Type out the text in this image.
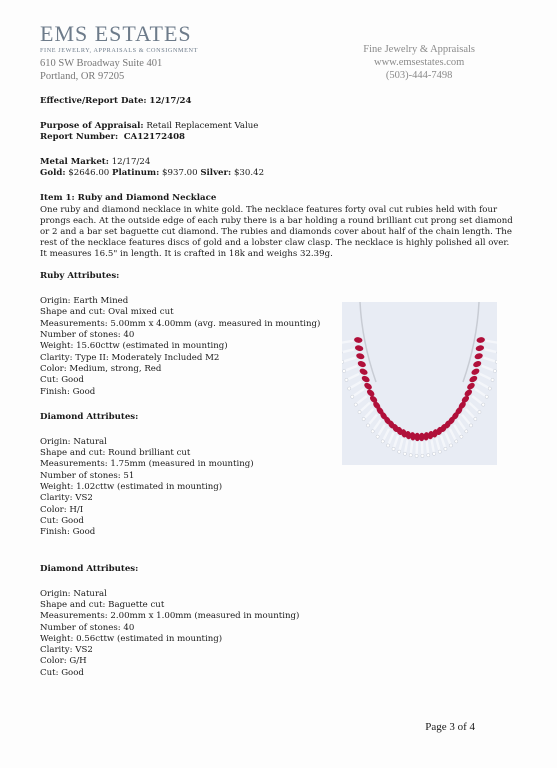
EMS ESTATES
FINE JEWELRY, APPRAISALS & CONSIGNMENT
610 SW Broadway Suite 401
Portland, OR 97205
Fine Jewelry & Appraisals
www.emsestates.com
(503)-444-7498

Effective/Report Date: 12/17/24

Purpose of Appraisal: Retail Replacement Value

Report Number: CA12172408

Metal Market: 12/17/24

Gold: $2646.00 Platinum: $937.00 Silver: $30.42

Item 1: Ruby and Diamond Necklace

One ruby and diamond necklace in white gold. The necklace features forty oval cut rubies held with four prongs each. At the outside edge of each ruby there is a bar holding a round brilliant cut prong set diamond or 2 and a bar set baguette cut diamond. The rubies and diamonds cover about half of the chain length. The rest of the necklace features discs of gold and a lobster claw clasp. The necklace is highly polished all over. It measures 16.5" in length. It is crafted in 18k and weighs 32.39g.

Ruby Attributes:

Origin: Earth Mined
Shape and cut: Oval mixed cut
Measurements: 5.00mm x 4.00mm (avg. measured in mounting)
Number of stones: 40
Weight: 15.60cttw (estimated in mounting)
Clarity: Type II: Moderately Included M2
Color: Medium, strong, Red
Cut: Good
Finish: Good

Diamond Attributes:

Origin: Natural
Shape and cut: Round brilliant cut
Measurements: 1.75mm (measured in mounting)
Number of stones: 51
Weight: 1.02cttw (estimated in mounting)
Clarity: VS2
Color: H/I
Cut: Good
Finish: Good

Diamond Attributes:

Origin: Natural
Shape and cut: Baguette cut
Measurements: 2.00mm x 1.00mm (measured in mounting)
Number of stones: 40
Weight: 0.56cttw (estimated in mounting)
Clarity: VS2
Color: G/H
Cut: Good
Page 3 of 4
